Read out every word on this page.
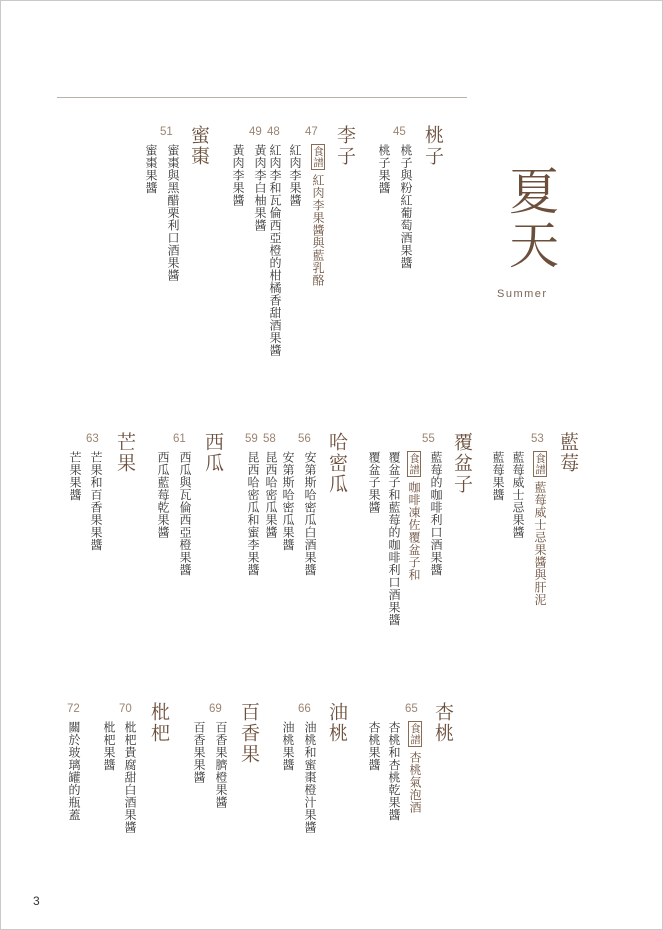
夏天
Summer
桃子
45
桃子果醬 桃子與粉紅葡萄酒果醬
李子
47
紅肉李果醬 食譜紅肉李果醬與藍乳酪
48
紅肉李和瓦倫西亞橙的柑橘香甜酒果醬
49
黃肉李果醬 黃肉李白柚果醬
蜜棗
51
蜜棗果醬 蜜棗與黑醋栗利口酒果醬
藍莓
53
藍莓果醬 藍莓威士忌果醬 食譜藍莓威士忌果醬與肝泥
覆盆子
55
覆盆子果醬 覆盆子和藍莓的咖啡利口酒果醬 食譜咖啡凍佐覆盆子和 藍莓的咖啡利口酒果醬
哈密瓜
56
安第斯哈密瓜果醬 安第斯哈密瓜白酒果醬
58
昆西哈密瓜果醬
59
昆西哈密瓜和蜜李果醬
西瓜
61
西瓜藍莓乾果醬 西瓜與瓦倫西亞橙果醬
芒果
63
芒果果醬 芒果和百香果果醬
杏桃
65
杏桃果醬 杏桃和杏桃乾果醬 食譜杏桃氣泡酒
油桃
66
油桃果醬 油桃和蜜棗橙汁果醬
百香果
69
百香果果醬 百香果臍橙果醬
枇杷
70
枇杷果醬 枇杷貴腐甜白酒果醬
72
關於玻璃罐的瓶蓋
3
